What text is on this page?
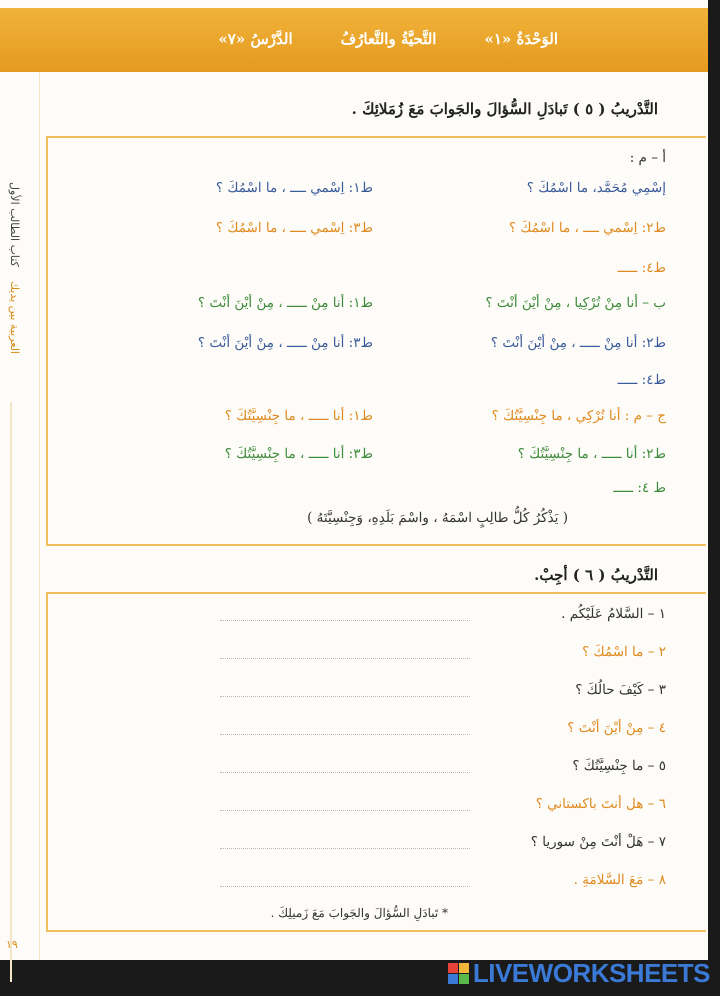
الوَحْدَةُ «١»
التَّحيَّةُ والتَّعارُفُ
الدَّرْسُ «٧»
العربية بين يديك
كتاب الطالب الأول
التَّدْريبُ ( ٥ ) تَبادَلِ السُّؤالَ والجَوابَ مَعَ زُمَلائِكَ .
أ – م :
إسْمِي مُحَمَّد، ما اسْمُكَ ؟
ط١: اِسْمي ــــ ، ما اسْمُكَ ؟
ط٢: اِسْمي ــــ ، ما اسْمُكَ ؟
ط٣: اِسْمي ــــ ، ما اسْمُكَ ؟
ط٤: ـــــ
ب – أنا مِنْ تُرْكِيا ، مِنْ أيْنَ أنْتَ ؟
ط١: أنا مِنْ ـــــ ، مِنْ أيْنَ أنْتَ ؟
ط٢: أنا مِنْ ـــــ ، مِنْ أيْنَ أنْتَ ؟
ط٣: أنا مِنْ ـــــ ، مِنْ أيْنَ أنْتَ ؟
ط٤: ـــــ
ج – م : أنا تُرْكِي ، ما جِنْسِيَّتُكَ ؟
ط١: أنا ـــــ ، ما جِنْسِيَّتُكَ ؟
ط٢: أنا ـــــ ، ما جِنْسِيَّتُكَ ؟
ط٣: أنا ـــــ ، ما جِنْسِيَّتُكَ ؟
ط ٤: ـــــ
( يَذْكُرُ كُلُّ طالِبٍ اسْمَهُ ، واسْمَ بَلَدِهِ، وَجِنْسِيَّتَهُ )
التَّدْريبُ ( ٦ ) أجِبْ.
١ – السَّلامُ عَلَيْكُم .
٢ – ما اسْمُكَ ؟
٣ – كَيْفَ حالُكَ ؟
٤ – مِنْ أيْنَ أنْتَ ؟
٥ – ما جِنْسِيَّتُكَ ؟
٦ – هل أنتَ باكستاني ؟
٧ – هَلْ أنْتَ مِنْ سوريا ؟
٨ – مَعَ السَّلامَةِ .
* تَبادَلِ السُّؤالَ والجَوابَ مَعَ زَميلِكَ .
١٩
LIVEWORKSHEETS
